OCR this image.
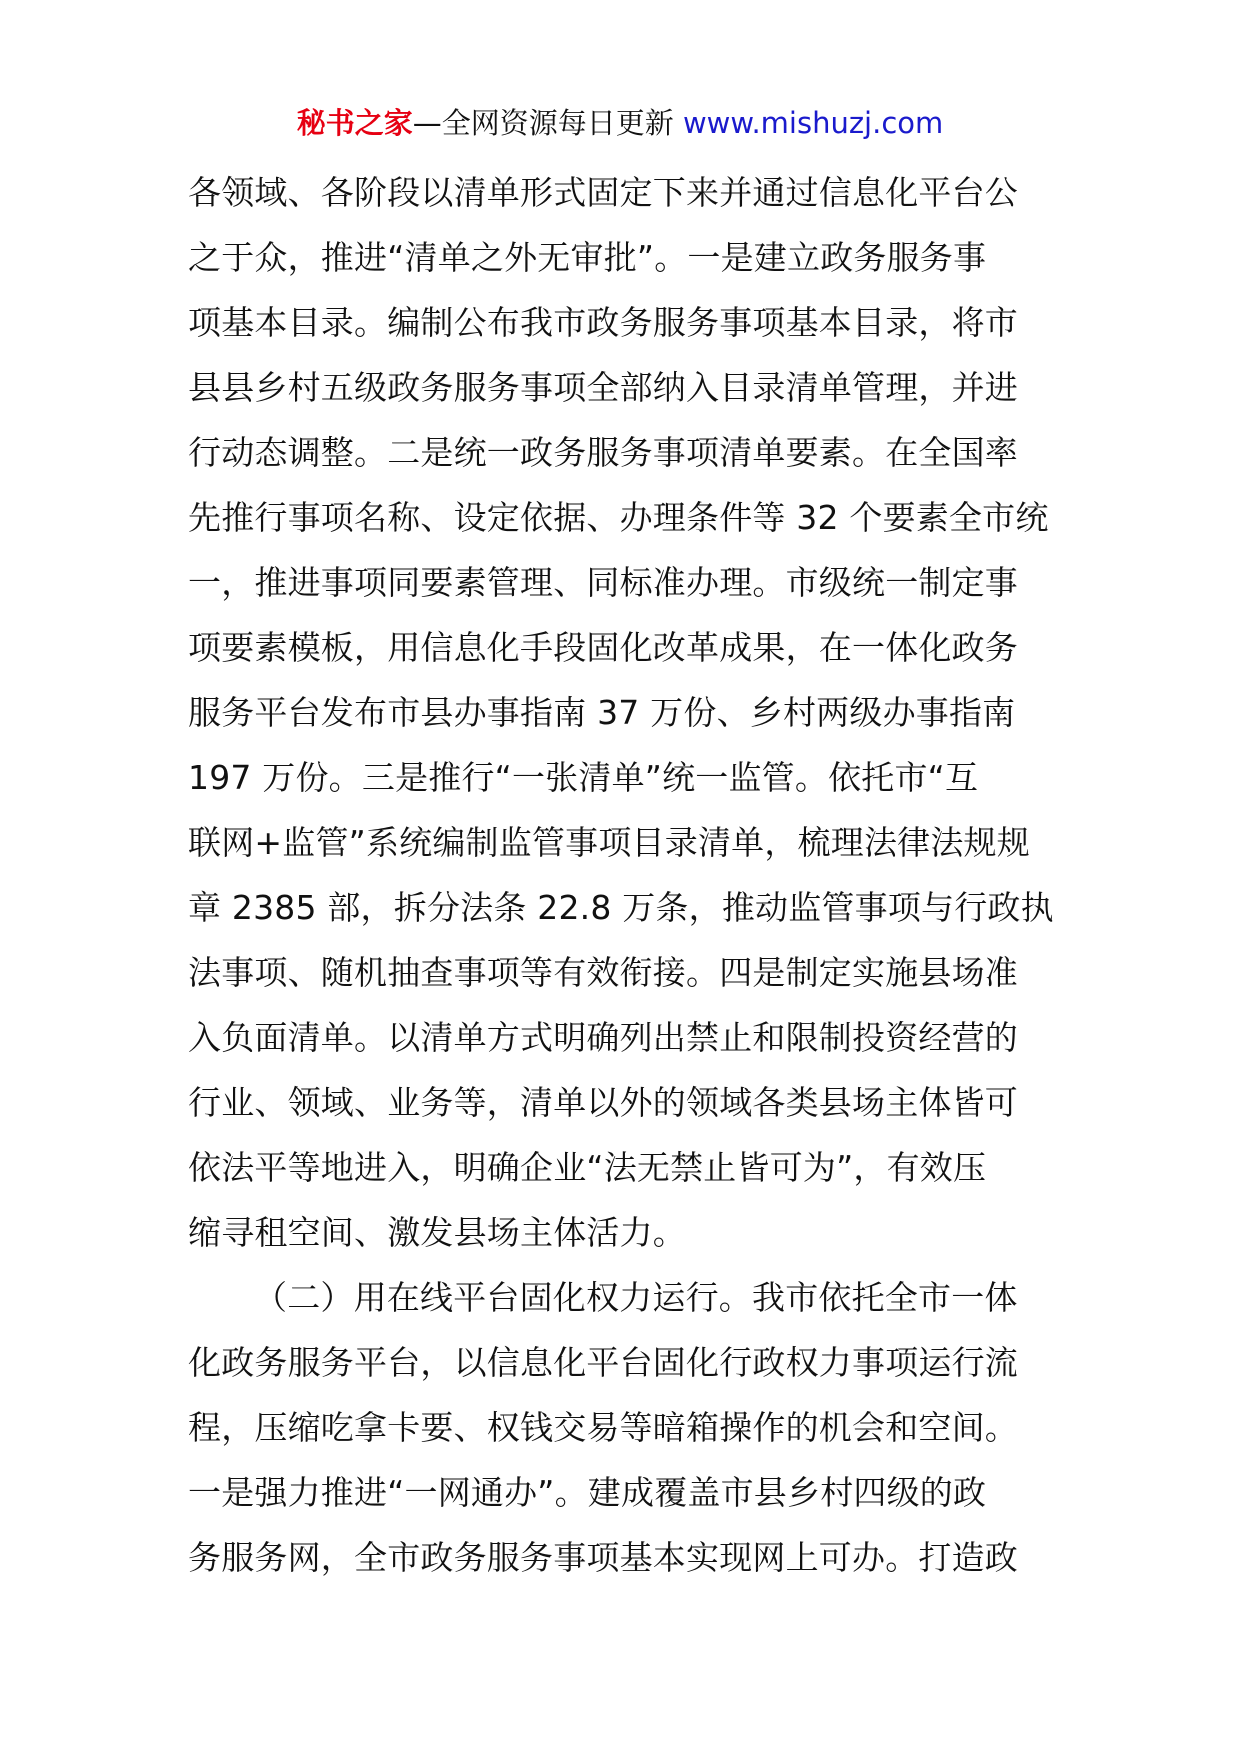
秘书之家—全网资源每日更新 www.mishuzj.com
各领域、各阶段以清单形式固定下来并通过信息化平台公
之于众，推进“清单之外无审批”。一是建立政务服务事
项基本目录。编制公布我市政务服务事项基本目录，将市
县县乡村五级政务服务事项全部纳入目录清单管理，并进
行动态调整。二是统一政务服务事项清单要素。在全国率
先推行事项名称、设定依据、办理条件等 32 个要素全市统
一，推进事项同要素管理、同标准办理。市级统一制定事
项要素模板，用信息化手段固化改革成果，在一体化政务
服务平台发布市县办事指南 37 万份、乡村两级办事指南
197 万份。三是推行“一张清单”统一监管。依托市“互
联网+监管”系统编制监管事项目录清单，梳理法律法规规
章 2385 部，拆分法条 22.8 万条，推动监管事项与行政执
法事项、随机抽查事项等有效衔接。四是制定实施县场准
入负面清单。以清单方式明确列出禁止和限制投资经营的
行业、领域、业务等，清单以外的领域各类县场主体皆可
依法平等地进入，明确企业“法无禁止皆可为”，有效压
缩寻租空间、激发县场主体活力。
（二）用在线平台固化权力运行。我市依托全市一体
化政务服务平台，以信息化平台固化行政权力事项运行流
程，压缩吃拿卡要、权钱交易等暗箱操作的机会和空间。
一是强力推进“一网通办”。建成覆盖市县乡村四级的政
务服务网，全市政务服务事项基本实现网上可办。打造政
